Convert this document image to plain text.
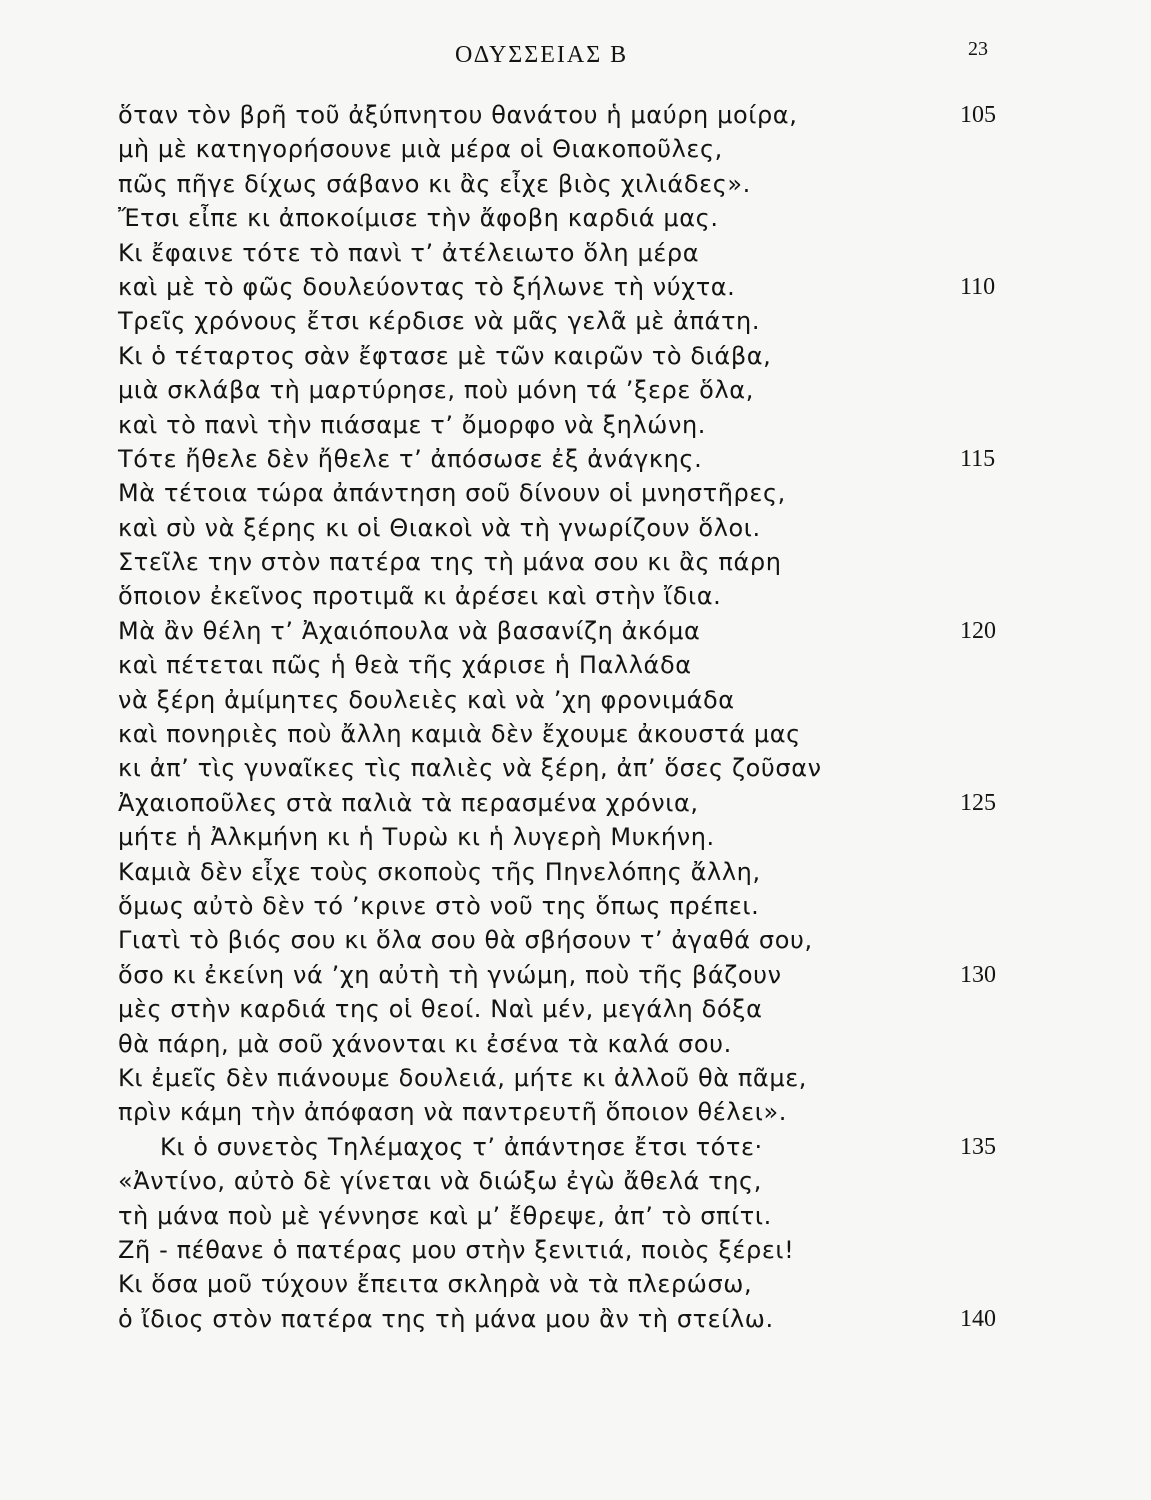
ΟΔΥΣΣΕΙΑΣ Β	23
ὅταν τὸν βρῆ τοῦ ἀξύπνητου θανάτου ἡ μαύρη μοίρα,	105
μὴ μὲ κατηγορήσουνε μιὰ μέρα οἱ Θιακοποῦλες,
πῶς πῆγε δίχως σάβανο κι ἂς εἶχε βιὸς χιλιάδες».
Ἔτσι εἶπε κι ἀποκοίμισε τὴν ἄφοβη καρδιά μας.
Κι ἔφαινε τότε τὸ πανὶ τ’ ἀτέλειωτο ὅλη μέρα
καὶ μὲ τὸ φῶς δουλεύοντας τὸ ξήλωνε τὴ νύχτα.	110
Τρεῖς χρόνους ἔτσι κέρδισε νὰ μᾶς γελᾶ μὲ ἀπάτη.
Κι ὁ τέταρτος σὰν ἔφτασε μὲ τῶν καιρῶν τὸ διάβα,
μιὰ σκλάβα τὴ μαρτύρησε, ποὺ μόνη τά ’ξερε ὅλα,
καὶ τὸ πανὶ τὴν πιάσαμε τ’ ὄμορφο νὰ ξηλώνη.
Τότε ἤθελε δὲν ἤθελε τ’ ἀπόσωσε ἐξ ἀνάγκης.	115
Μὰ τέτοια τώρα ἀπάντηση σοῦ δίνουν οἱ μνηστῆρες,
καὶ σὺ νὰ ξέρης κι οἱ Θιακοὶ νὰ τὴ γνωρίζουν ὅλοι.
Στεῖλε την στὸν πατέρα της τὴ μάνα σου κι ἂς πάρη
ὅποιον ἐκεῖνος προτιμᾶ κι ἀρέσει καὶ στὴν ἴδια.
Μὰ ἂν θέλη τ’ Ἀχαιόπουλα νὰ βασανίζη ἀκόμα	120
καὶ πέτεται πῶς ἡ θεὰ τῆς χάρισε ἡ Παλλάδα
νὰ ξέρη ἀμίμητες δουλειὲς καὶ νὰ ’χη φρονιμάδα
καὶ πονηριὲς ποὺ ἄλλη καμιὰ δὲν ἔχουμε ἀκουστά μας
κι ἀπ’ τὶς γυναῖκες τὶς παλιὲς νὰ ξέρη, ἀπ’ ὅσες ζοῦσαν
Ἀχαιοποῦλες στὰ παλιὰ τὰ περασμένα χρόνια,	125
μήτε ἡ Ἀλκμήνη κι ἡ Τυρὼ κι ἡ λυγερὴ Μυκήνη.
Καμιὰ δὲν εἶχε τοὺς σκοποὺς τῆς Πηνελόπης ἄλλη,
ὅμως αὐτὸ δὲν τό ’κρινε στὸ νοῦ της ὅπως πρέπει.
Γιατὶ τὸ βιός σου κι ὅλα σου θὰ σβήσουν τ’ ἀγαθά σου,
ὅσο κι ἐκείνη νά ’χη αὐτὴ τὴ γνώμη, ποὺ τῆς βάζουν	130
μὲς στὴν καρδιά της οἱ θεοί. Ναὶ μέν, μεγάλη δόξα
θὰ πάρη, μὰ σοῦ χάνονται κι ἐσένα τὰ καλά σου.
Κι ἐμεῖς δὲν πιάνουμε δουλειά, μήτε κι ἀλλοῦ θὰ πᾶμε,
πρὶν κάμη τὴν ἀπόφαση νὰ παντρευτῆ ὅποιον θέλει».
Κι ὁ συνετὸς Τηλέμαχος τ’ ἀπάντησε ἔτσι τότε·	135
«Ἀντίνο, αὐτὸ δὲ γίνεται νὰ διώξω ἐγὼ ἄθελά της,
τὴ μάνα ποὺ μὲ γέννησε καὶ μ’ ἔθρεψε, ἀπ’ τὸ σπίτι.
Ζῆ - πέθανε ὁ πατέρας μου στὴν ξενιτιά, ποιὸς ξέρει!
Κι ὅσα μοῦ τύχουν ἔπειτα σκληρὰ νὰ τὰ πλερώσω,
ὁ ἴδιος στὸν πατέρα της τὴ μάνα μου ἂν τὴ στείλω.	140
